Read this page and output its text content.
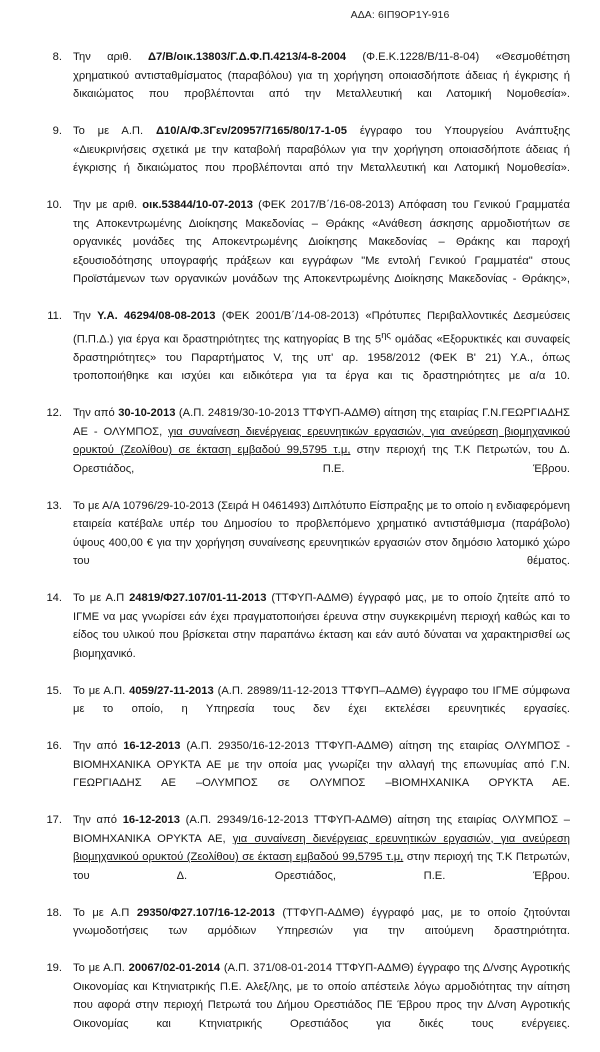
ΑΔΑ: 6ΙΠ9ΟΡ1Υ-916
8. Την αριθ. Δ7/Β/οικ.13803/Γ.Δ.Φ.Π.4213/4-8-2004 (Φ.Ε.Κ.1228/Β/11-8-04) «Θεσμοθέτηση χρηματικού αντισταθμίσματος (παραβόλου) για τη χορήγηση οποιασδήποτε άδειας ή έγκρισης ή δικαιώματος που προβλέπονται από την Μεταλλευτική και Λατομική Νομοθεσία».
9. Το με Α.Π. Δ10/Α/Φ.3Γεν/20957/7165/80/17-1-05 έγγραφο του Υπουργείου Ανάπτυξης «Διευκρινήσεις σχετικά με την καταβολή παραβόλων για την χορήγηση οποιασδήποτε άδειας ή έγκρισης ή δικαιώματος που προβλέπονται από την Μεταλλευτική και Λατομική Νομοθεσία».
10. Την με αριθ. οικ.53844/10-07-2013 (ΦΕΚ 2017/Β΄/16-08-2013) Απόφαση του Γενικού Γραμματέα της Αποκεντρωμένης Διοίκησης Μακεδονίας – Θράκης «Ανάθεση άσκησης αρμοδιοτήτων σε οργανικές μονάδες της Αποκεντρωμένης Διοίκησης Μακεδονίας – Θράκης και παροχή εξουσιοδότησης υπογραφής πράξεων και εγγράφων "Με εντολή Γενικού Γραμματέα" στους Προϊστάμενων των οργανικών μονάδων της Αποκεντρωμένης Διοίκησης Μακεδονίας - Θράκης»,
11. Την Υ.Α. 46294/08-08-2013 (ΦΕΚ 2001/Β΄/14-08-2013) «Πρότυπες Περιβαλλοντικές Δεσμεύσεις (Π.Π.Δ.) για έργα και δραστηριότητες της κατηγορίας Β της $5^{\eta\varsigma}$ ομάδας «Εξορυκτικές και συναφείς δραστηριότητες» του Παραρτήματος V, της υπ' αρ. 1958/2012 (ΦΕΚ Β' 21) Υ.Α., όπως τροποποιήθηκε και ισχύει και ειδικότερα για τα έργα και τις δραστηριότητες με α/α 10.
12. Την από 30-10-2013 (Α.Π. 24819/30-10-2013 ΤΤΦΥΠ-ΑΔΜΘ) αίτηση της εταιρίας Γ.Ν.ΓΕΩΡΓΙΑΔΗΣ ΑΕ - ΟΛΥΜΠΟΣ, για συναίνεση διενέργειας ερευνητικών εργασιών, για ανεύρεση βιομηχανικού ορυκτού (Ζεολίθου) σε έκταση εμβαδού 99,5795 τ.μ, στην περιοχή της Τ.Κ Πετρωτών, του Δ. Ορεστιάδος, Π.Ε. Έβρου.
13. Το με Α/Α 10796/29-10-2013 (Σειρά Η 0461493) Διπλότυπο Είσπραξης με το οποίο η ενδιαφερόμενη εταιρεία κατέβαλε υπέρ του Δημοσίου το προβλεπόμενο χρηματικό αντιστάθμισμα (παράβολο) ύψους 400,00 € για την χορήγηση συναίνεσης ερευνητικών εργασιών στον δημόσιο λατομικό χώρο του θέματος.
14. Το με Α.Π 24819/Φ27.107/01-11-2013 (ΤΤΦΥΠ-ΑΔΜΘ) έγγραφό μας, με το οποίο ζητείτε από το ΙΓΜΕ να μας γνωρίσει εάν έχει πραγματοποιήσει έρευνα στην συγκεκριμένη περιοχή καθώς και το είδος του υλικού που βρίσκεται στην παραπάνω έκταση και εάν αυτό δύναται να χαρακτηρισθεί ως βιομηχανικό.
15. Το με Α.Π. 4059/27-11-2013 (Α.Π. 28989/11-12-2013 ΤΤΦΥΠ–ΑΔΜΘ) έγγραφο του ΙΓΜΕ σύμφωνα με το οποίο, η Υπηρεσία τους δεν έχει εκτελέσει ερευνητικές εργασίες.
16. Την από 16-12-2013 (Α.Π. 29350/16-12-2013 ΤΤΦΥΠ-ΑΔΜΘ) αίτηση της εταιρίας ΟΛΥΜΠΟΣ - ΒΙΟΜΗΧΑΝΙΚΑ ΟΡΥΚΤΑ ΑΕ με την οποία μας γνωρίζει την αλλαγή της επωνυμίας από Γ.Ν. ΓΕΩΡΓΙΑΔΗΣ ΑΕ –ΟΛΥΜΠΟΣ σε ΟΛΥΜΠΟΣ –ΒΙΟΜΗΧΑΝΙΚΑ ΟΡΥΚΤΑ ΑΕ.
17. Την από 16-12-2013 (Α.Π. 29349/16-12-2013 ΤΤΦΥΠ-ΑΔΜΘ) αίτηση της εταιρίας ΟΛΥΜΠΟΣ – ΒΙΟΜΗΧΑΝΙΚΑ ΟΡΥΚΤΑ ΑΕ, για συναίνεση διενέργειας ερευνητικών εργασιών, για ανεύρεση βιομηχανικού ορυκτού (Ζεολίθου) σε έκταση εμβαδού 99,5795 τ.μ, στην περιοχή της Τ.Κ Πετρωτών, του Δ. Ορεστιάδος, Π.Ε. Έβρου.
18. Το με Α.Π 29350/Φ27.107/16-12-2013 (ΤΤΦΥΠ-ΑΔΜΘ) έγγραφό μας, με το οποίο ζητούνται γνωμοδοτήσεις των αρμόδιων Υπηρεσιών για την αιτούμενη δραστηριότητα.
19. Το με Α.Π. 20067/02-01-2014 (Α.Π. 371/08-01-2014 ΤΤΦΥΠ-ΑΔΜΘ) έγγραφο της Δ/νσης Αγροτικής Οικονομίας και Κτηνιατρικής Π.Ε. Αλεξ/λης, με το οποίο απέστειλε λόγω αρμοδιότητας την αίτηση που αφορά στην περιοχή Πετρωτά του Δήμου Ορεστιάδος ΠΕ Έβρου προς την Δ/νση Αγροτικής Οικονομίας και Κτηνιατρικής Ορεστιάδος για δικές τους ενέργειες.
